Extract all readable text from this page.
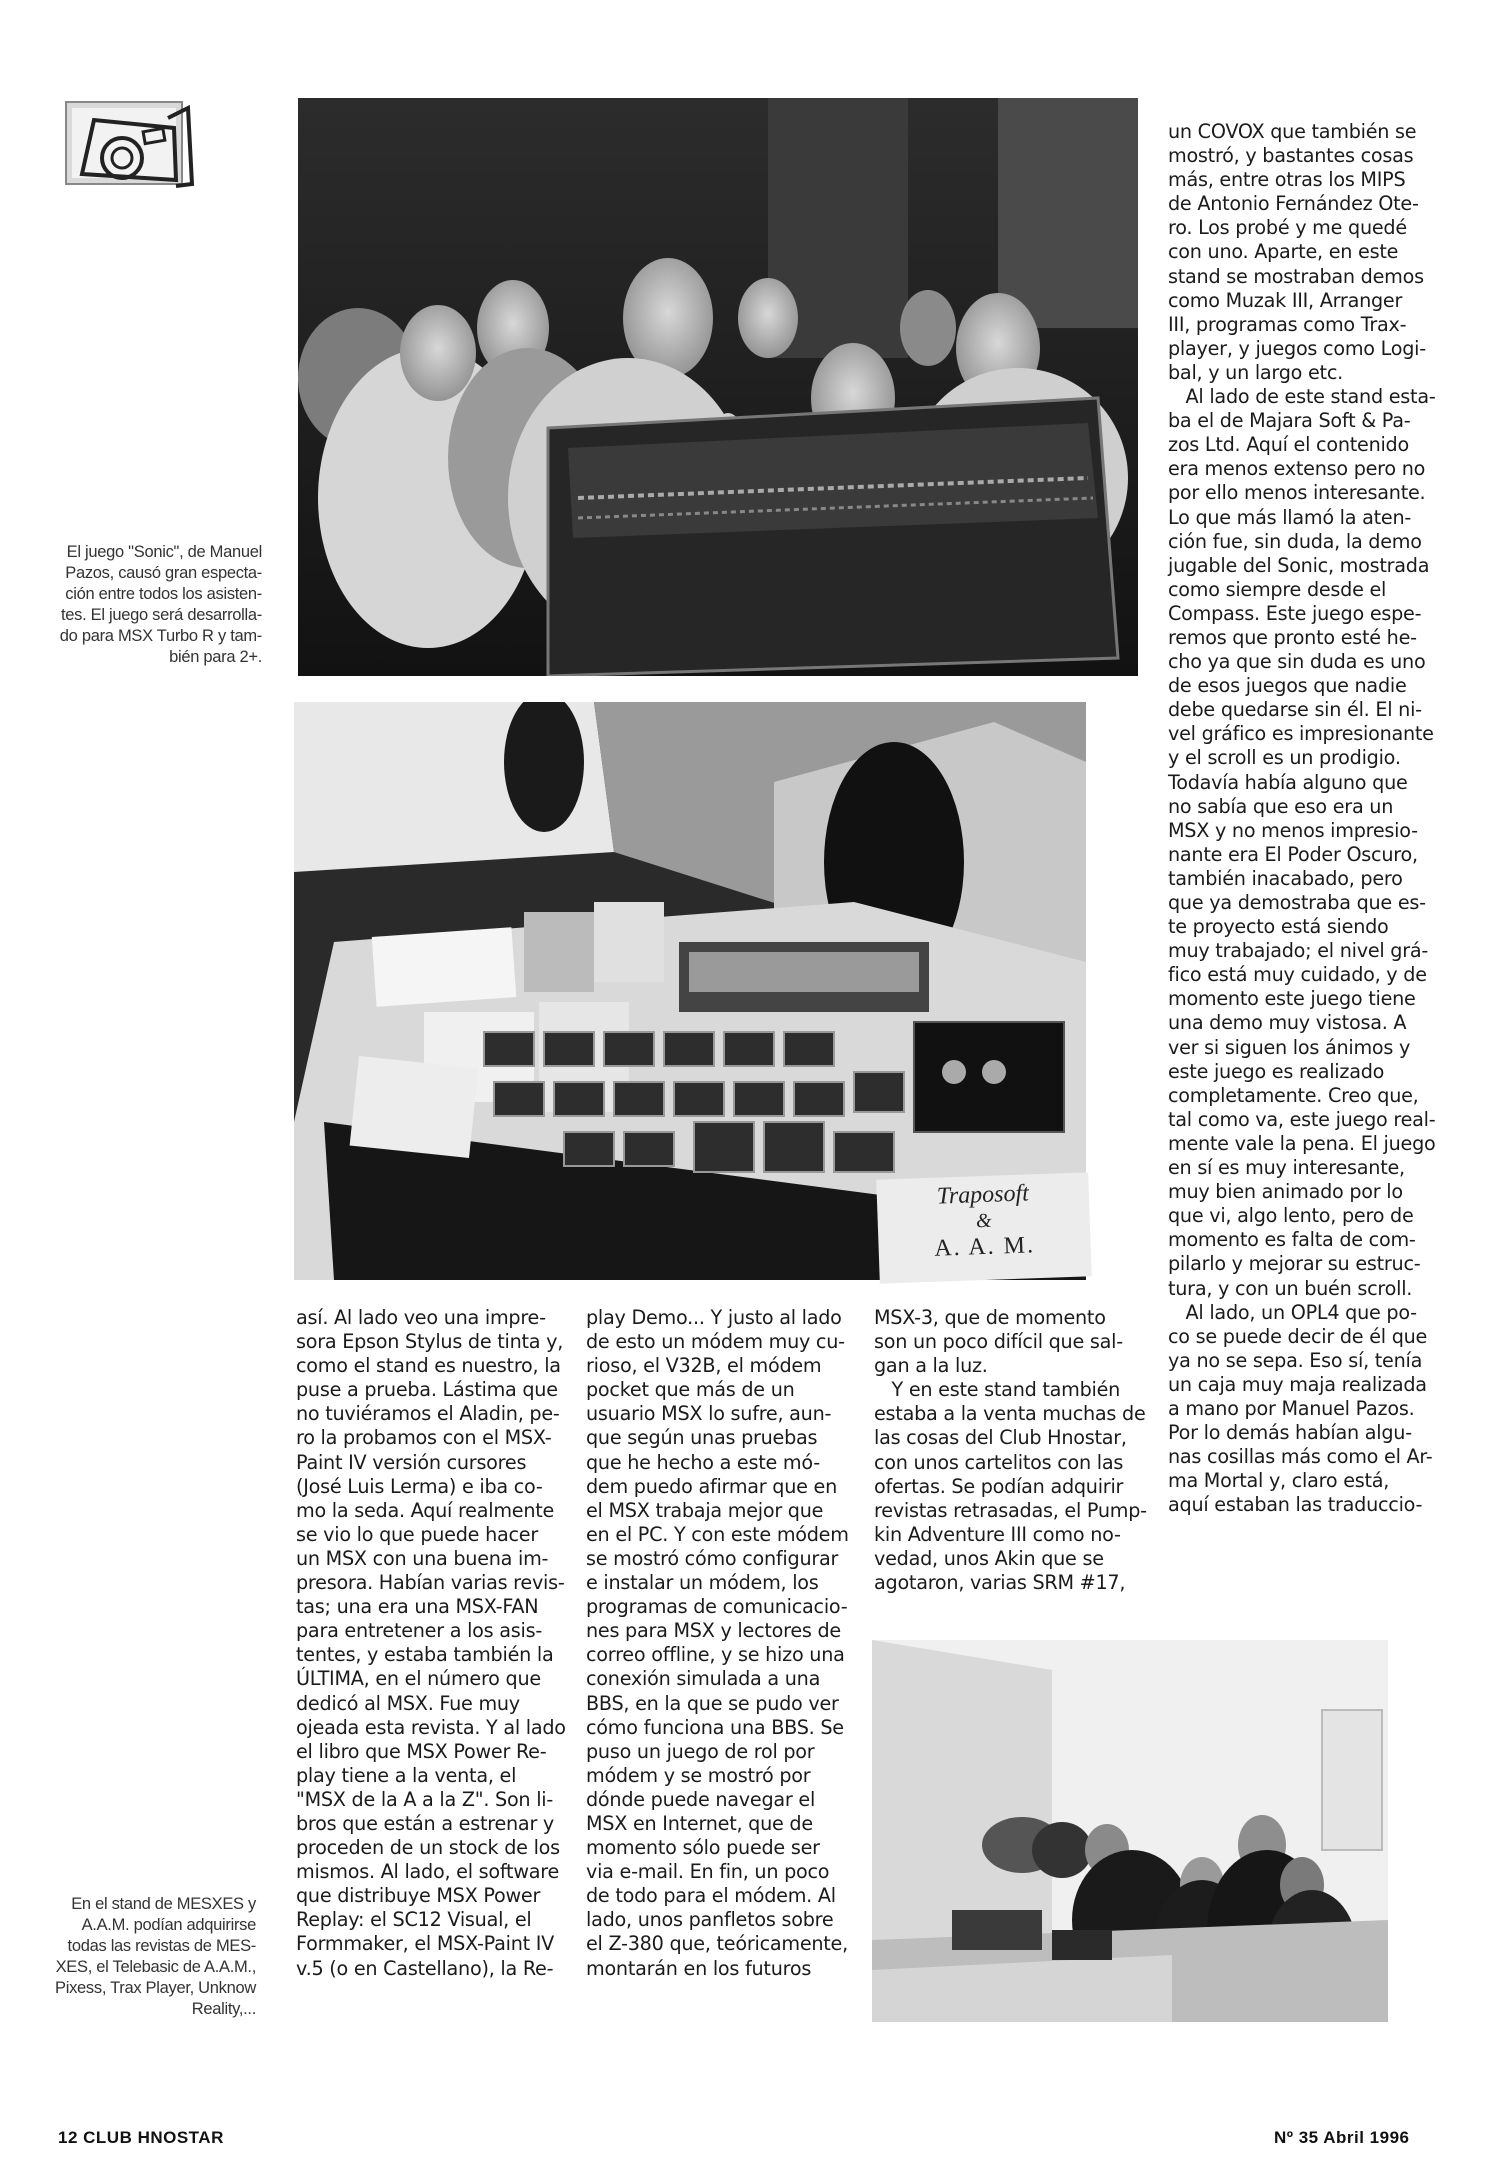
El juego "Sonic", de Manuel
Pazos, causó gran especta-
ción entre todos los asisten-
tes. El juego será desarrolla-
do para MSX Turbo R y tam-
bién para 2+.
Traposoft
&
A. A. M.
En el stand de MESXES y
A.A.M. podían adquirirse
todas las revistas de MES-
XES, el Telebasic de A.A.M.,
Pixess, Trax Player, Unknow
Reality,...
un COVOX que también se
mostró, y bastantes cosas
más, entre otras los MIPS
de Antonio Fernández Ote-
ro. Los probé y me quedé
con uno. Aparte, en este
stand se mostraban demos
como Muzak III, Arranger
III, programas como Trax-
player, y juegos como Logi-
bal, y un largo etc.
Al lado de este stand esta-
ba el de Majara Soft & Pa-
zos Ltd. Aquí el contenido
era menos extenso pero no
por ello menos interesante.
Lo que más llamó la aten-
ción fue, sin duda, la demo
jugable del Sonic, mostrada
como siempre desde el
Compass. Este juego espe-
remos que pronto esté he-
cho ya que sin duda es uno
de esos juegos que nadie
debe quedarse sin él. El ni-
vel gráfico es impresionante
y el scroll es un prodigio.
Todavía había alguno que
no sabía que eso era un
MSX y no menos impresio-
nante era El Poder Oscuro,
también inacabado, pero
que ya demostraba que es-
te proyecto está siendo
muy trabajado; el nivel grá-
fico está muy cuidado, y de
momento este juego tiene
una demo muy vistosa. A
ver si siguen los ánimos y
este juego es realizado
completamente. Creo que,
tal como va, este juego real-
mente vale la pena. El juego
en sí es muy interesante,
muy bien animado por lo
que vi, algo lento, pero de
momento es falta de com-
pilarlo y mejorar su estruc-
tura, y con un buén scroll.
Al lado, un OPL4 que po-
co se puede decir de él que
ya no se sepa. Eso sí, tenía
un caja muy maja realizada
a mano por Manuel Pazos.
Por lo demás habían algu-
nas cosillas más como el Ar-
ma Mortal y, claro está,
aquí estaban las traduccio-
así. Al lado veo una impre-
sora Epson Stylus de tinta y,
como el stand es nuestro, la
puse a prueba. Lástima que
no tuviéramos el Aladin, pe-
ro la probamos con el MSX-
Paint IV versión cursores
(José Luis Lerma) e iba co-
mo la seda. Aquí realmente
se vio lo que puede hacer
un MSX con una buena im-
presora. Habían varias revis-
tas; una era una MSX-FAN
para entretener a los asis-
tentes, y estaba también la
ÚLTIMA, en el número que
dedicó al MSX. Fue muy
ojeada esta revista. Y al lado
el libro que MSX Power Re-
play tiene a la venta, el
"MSX de la A a la Z". Son li-
bros que están a estrenar y
proceden de un stock de los
mismos. Al lado, el software
que distribuye MSX Power
Replay: el SC12 Visual, el
Formmaker, el MSX-Paint IV
v.5 (o en Castellano), la Re-
play Demo... Y justo al lado
de esto un módem muy cu-
rioso, el V32B, el módem
pocket que más de un
usuario MSX lo sufre, aun-
que según unas pruebas
que he hecho a este mó-
dem puedo afirmar que en
el MSX trabaja mejor que
en el PC. Y con este módem
se mostró cómo configurar
e instalar un módem, los
programas de comunicacio-
nes para MSX y lectores de
correo offline, y se hizo una
conexión simulada a una
BBS, en la que se pudo ver
cómo funciona una BBS. Se
puso un juego de rol por
módem y se mostró por
dónde puede navegar el
MSX en Internet, que de
momento sólo puede ser
via e-mail. En fin, un poco
de todo para el módem. Al
lado, unos panfletos sobre
el Z-380 que, teóricamente,
montarán en los futuros
MSX-3, que de momento
son un poco difícil que sal-
gan a la luz.
Y en este stand también
estaba a la venta muchas de
las cosas del Club Hnostar,
con unos cartelitos con las
ofertas. Se podían adquirir
revistas retrasadas, el Pump-
kin Adventure III como no-
vedad, unos Akin que se
agotaron, varias SRM #17,
12 CLUB HNOSTAR	Nº 35 Abril 1996
